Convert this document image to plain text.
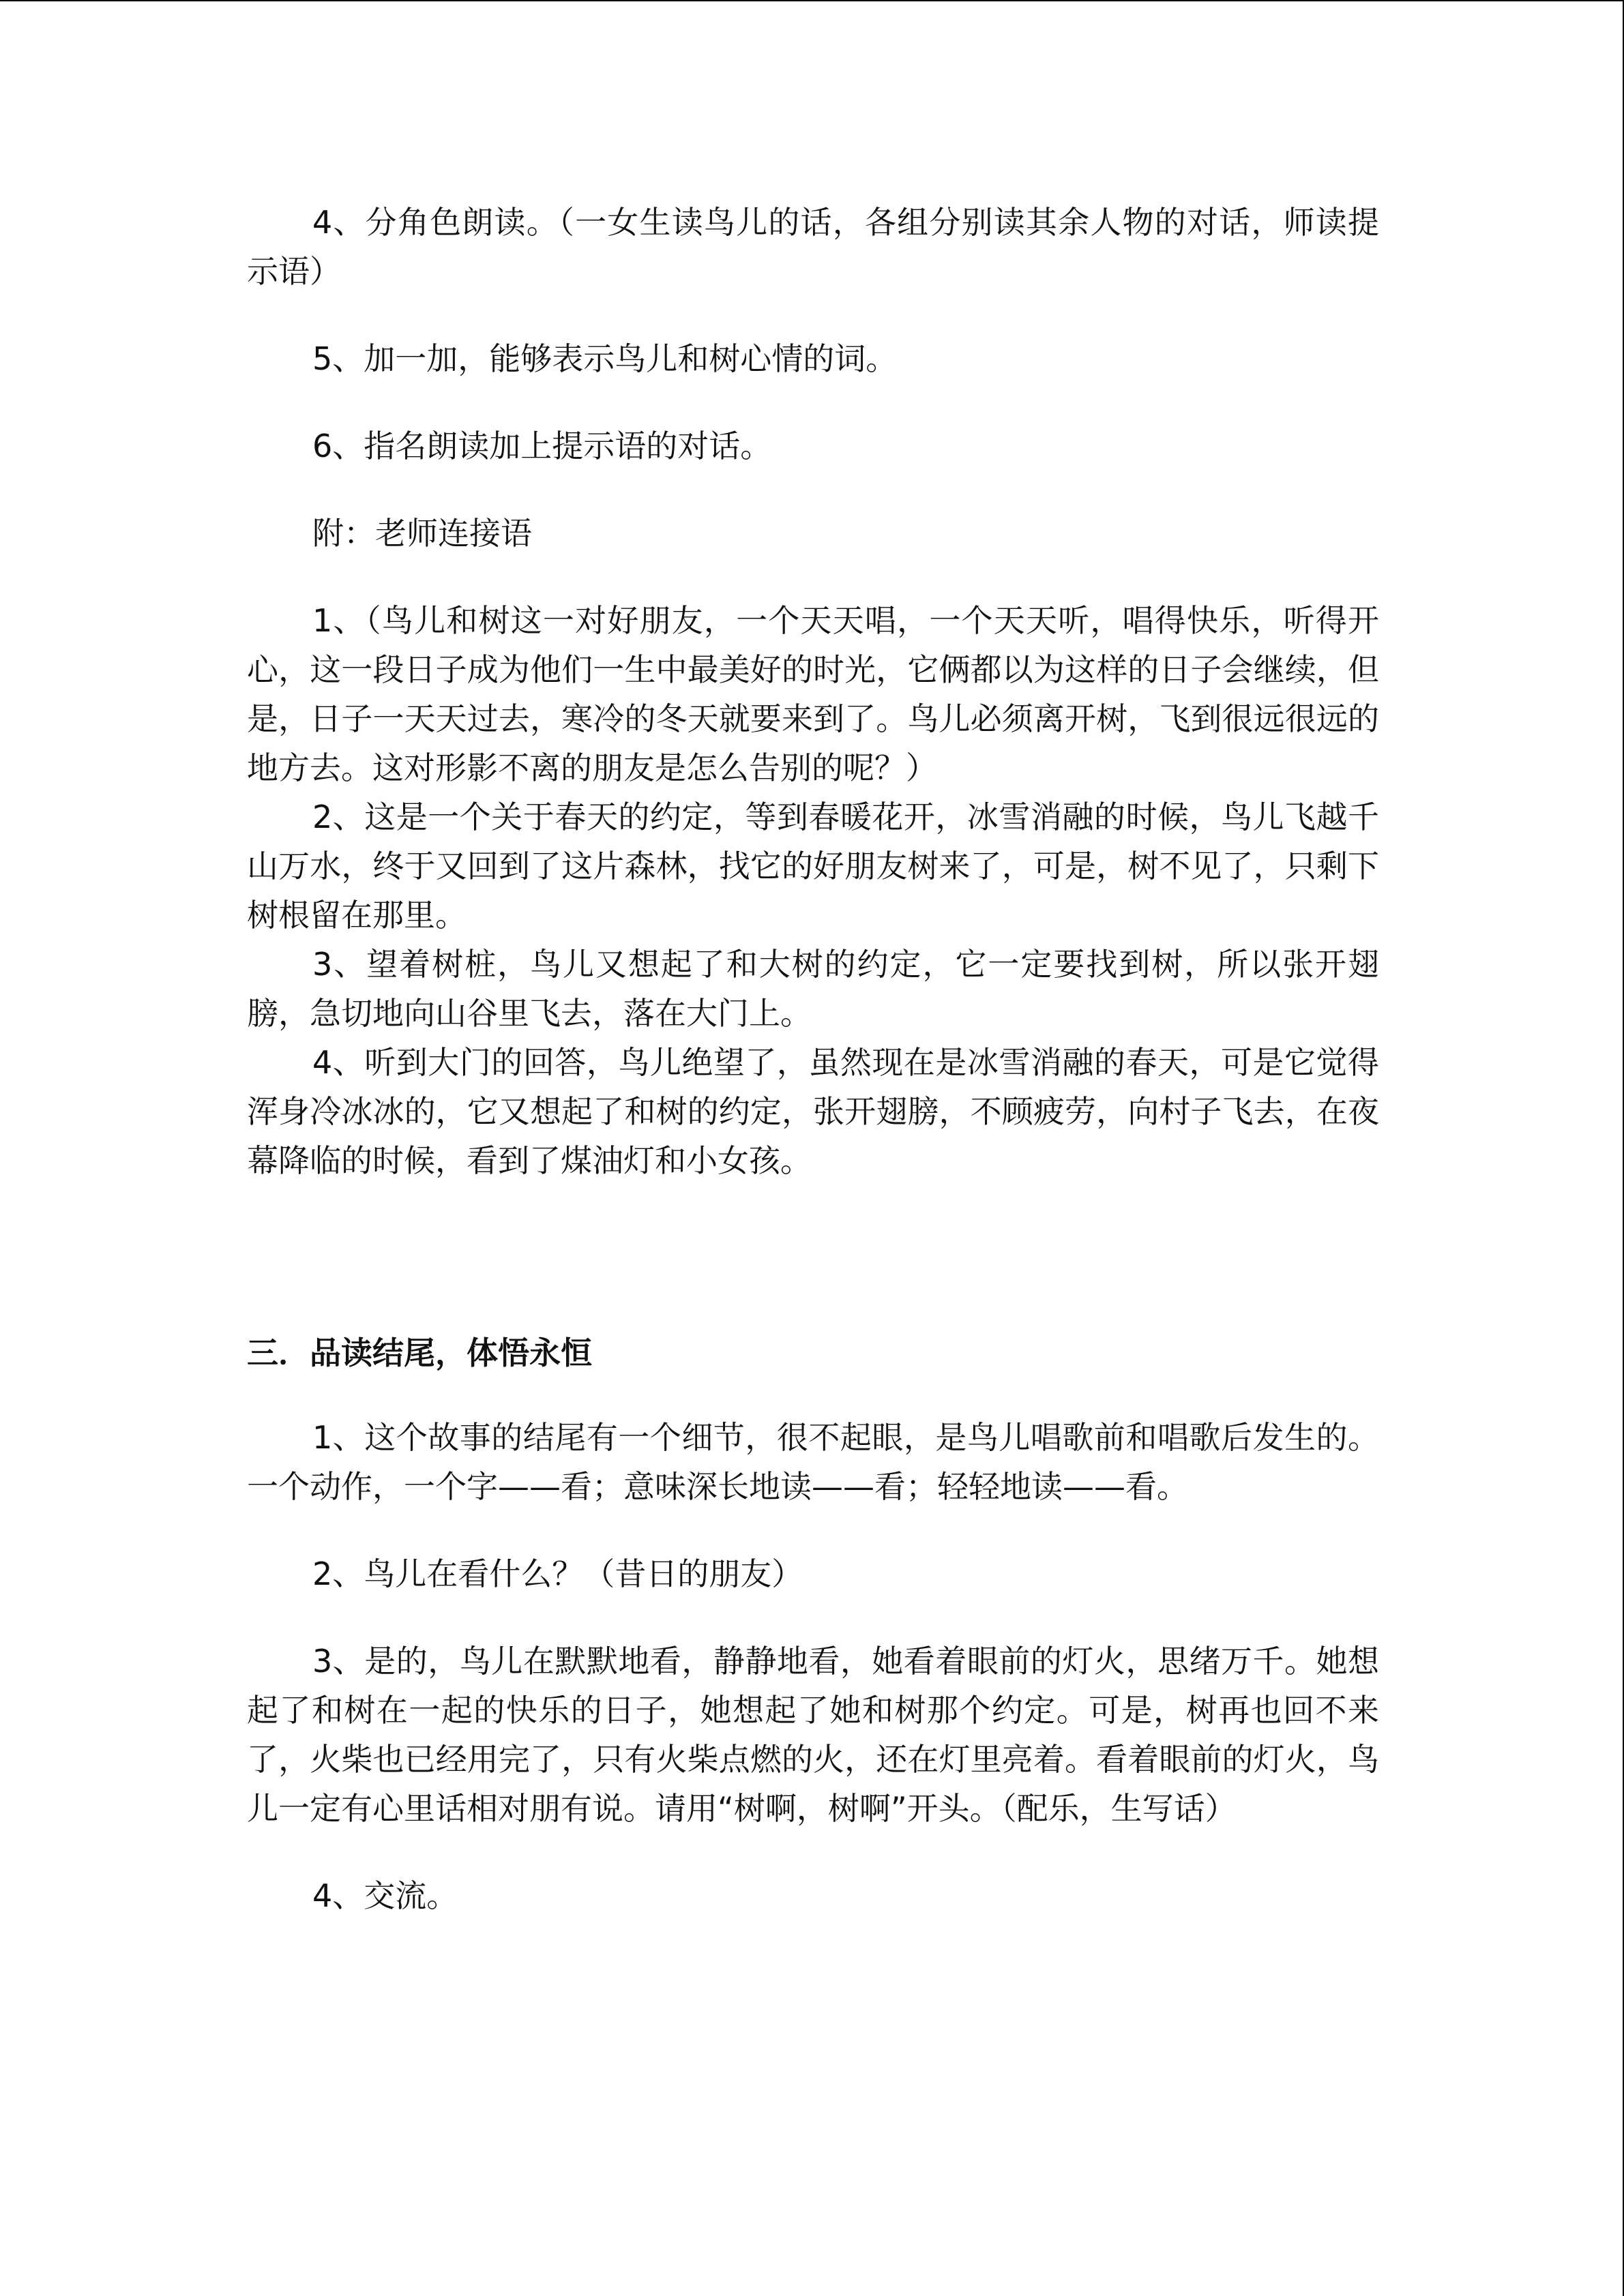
4、分角色朗读。（一女生读鸟儿的话，各组分别读其余人物的对话，师读提示语）

5、加一加，能够表示鸟儿和树心情的词。

6、指名朗读加上提示语的对话。

附：老师连接语

1、（鸟儿和树这一对好朋友，一个天天唱，一个天天听，唱得快乐，听得开心，这一段日子成为他们一生中最美好的时光，它俩都以为这样的日子会继续，但是，日子一天天过去，寒冷的冬天就要来到了。鸟儿必须离开树，飞到很远很远的地方去。这对形影不离的朋友是怎么告别的呢？）

2、这是一个关于春天的约定，等到春暖花开，冰雪消融的时候，鸟儿飞越千山万水，终于又回到了这片森林，找它的好朋友树来了，可是，树不见了，只剩下树根留在那里。

3、望着树桩，鸟儿又想起了和大树的约定，它一定要找到树，所以张开翅膀，急切地向山谷里飞去，落在大门上。

4、听到大门的回答，鸟儿绝望了，虽然现在是冰雪消融的春天，可是它觉得浑身冷冰冰的，它又想起了和树的约定，张开翅膀，不顾疲劳，向村子飞去，在夜幕降临的时候，看到了煤油灯和小女孩。

三．品读结尾，体悟永恒

1、这个故事的结尾有一个细节，很不起眼，是鸟儿唱歌前和唱歌后发生的。一个动作，一个字——看；意味深长地读——看；轻轻地读——看。

2、鸟儿在看什么？（昔日的朋友）

3、是的，鸟儿在默默地看，静静地看，她看着眼前的灯火，思绪万千。她想起了和树在一起的快乐的日子，她想起了她和树那个约定。可是，树再也回不来了，火柴也已经用完了，只有火柴点燃的火，还在灯里亮着。看着眼前的灯火，鸟儿一定有心里话相对朋有说。请用“树啊，树啊”开头。（配乐，生写话）

4、交流。
